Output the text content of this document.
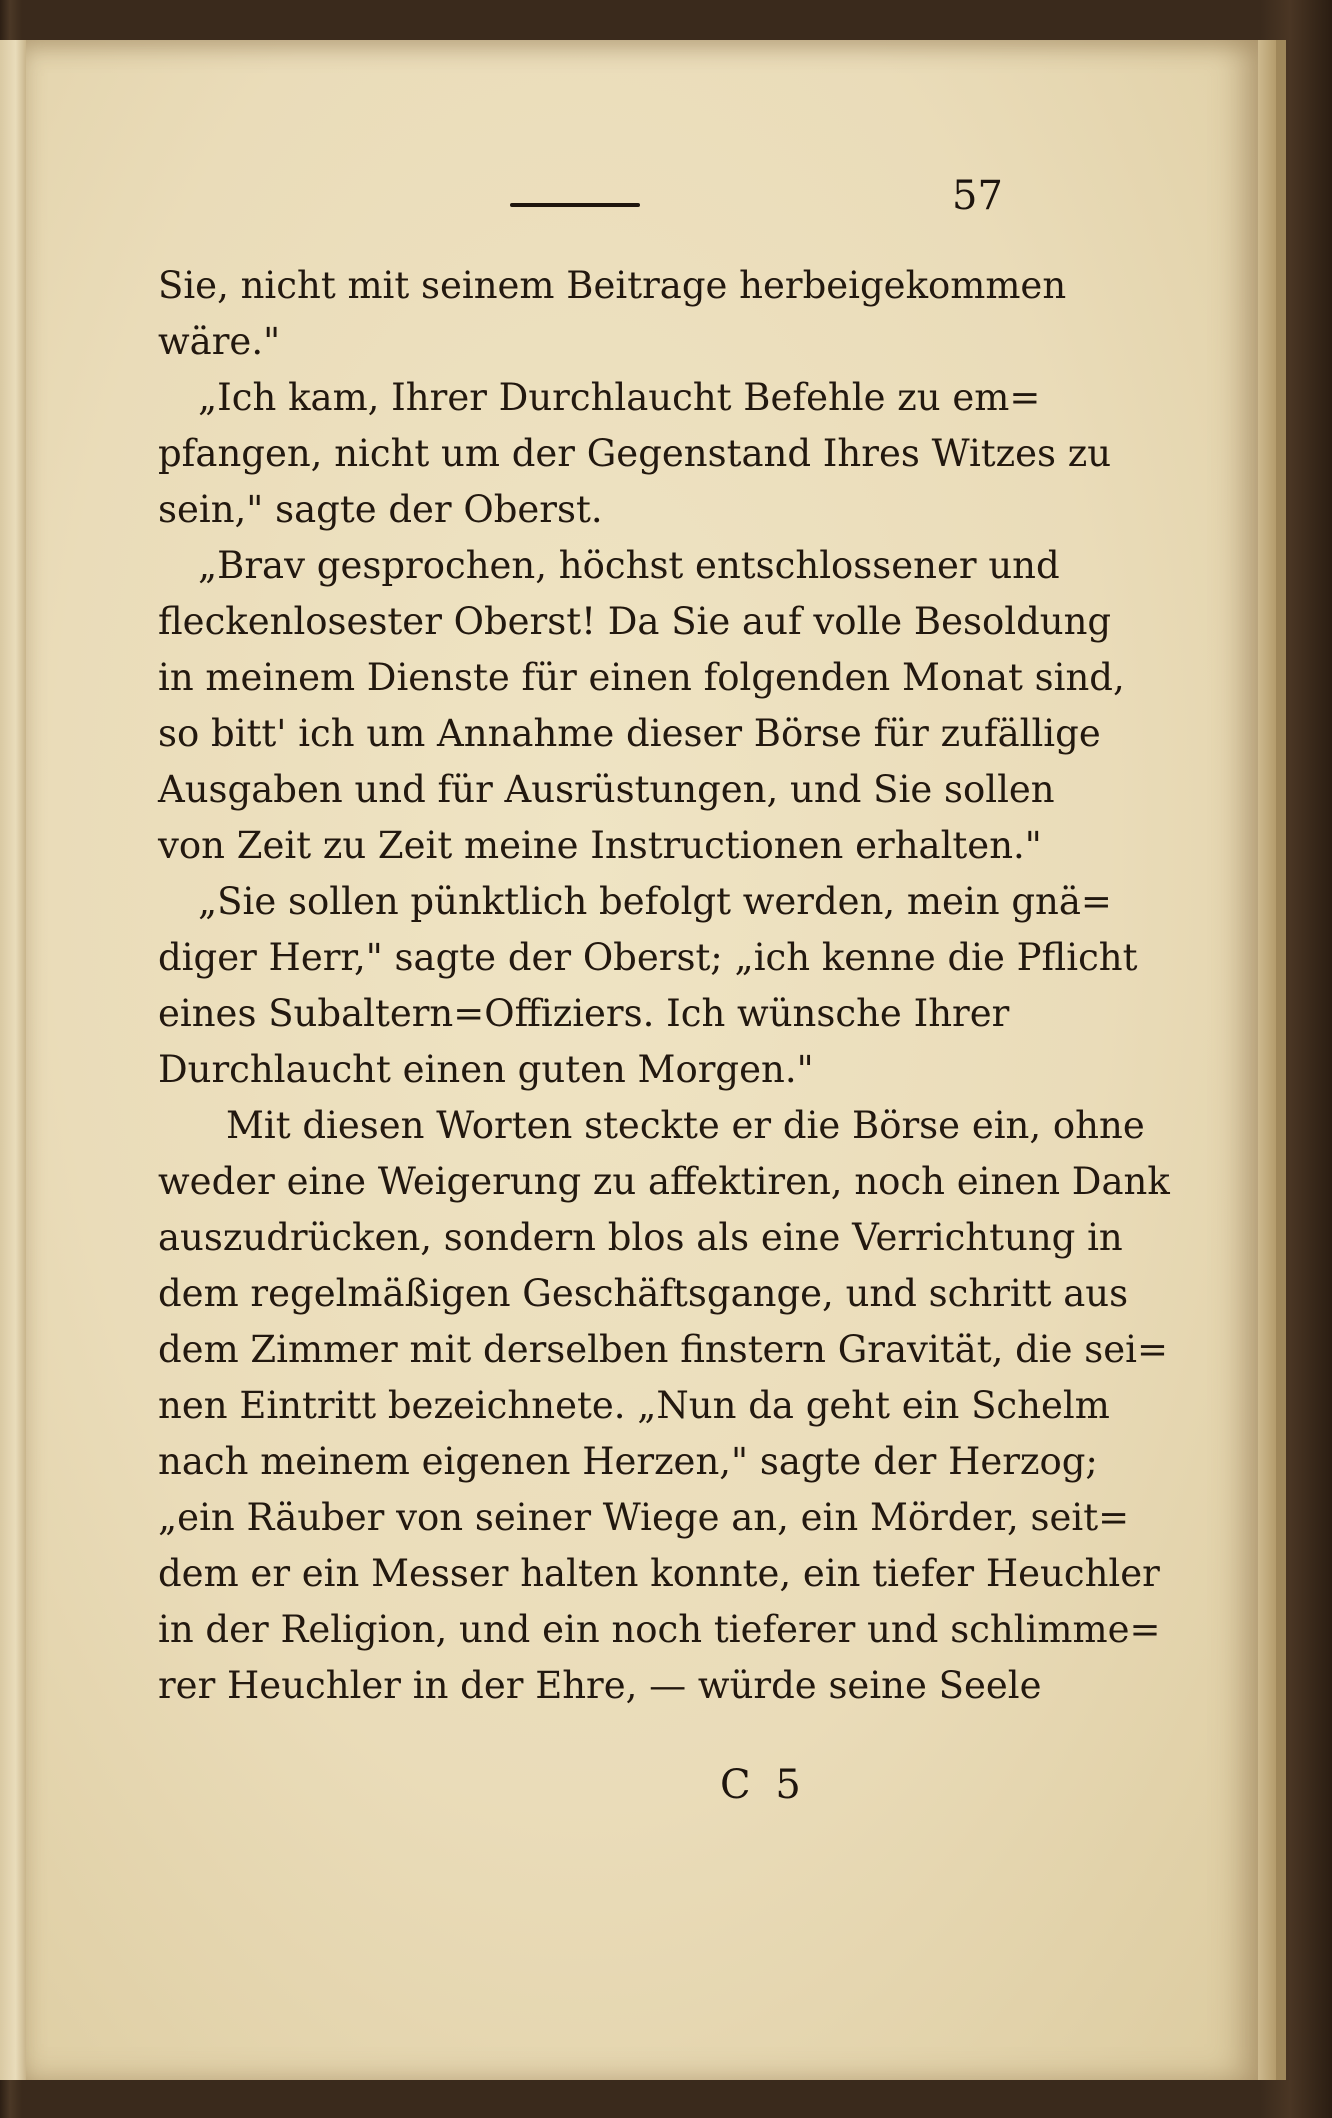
57

Sie, nicht mit seinem Beitrage herbeigekommen

wäre."

„Ich kam, Ihrer Durchlaucht Befehle zu em=

pfangen, nicht um der Gegenstand Ihres Witzes zu

sein," sagte der Oberst.

„Brav gesprochen, höchst entschlossener und

fleckenlosester Oberst! Da Sie auf volle Besoldung

in meinem Dienste für einen folgenden Monat sind,

so bitt' ich um Annahme dieser Börse für zufällige

Ausgaben und für Ausrüstungen, und Sie sollen

von Zeit zu Zeit meine Instructionen erhalten."

„Sie sollen pünktlich befolgt werden, mein gnä=

diger Herr," sagte der Oberst; „ich kenne die Pflicht

eines Subaltern=Offiziers. Ich wünsche Ihrer

Durchlaucht einen guten Morgen."

Mit diesen Worten steckte er die Börse ein, ohne

weder eine Weigerung zu affektiren, noch einen Dank

auszudrücken, sondern blos als eine Verrichtung in

dem regelmäßigen Geschäftsgange, und schritt aus

dem Zimmer mit derselben finstern Gravität, die sei=

nen Eintritt bezeichnete. „Nun da geht ein Schelm

nach meinem eigenen Herzen," sagte der Herzog;

„ein Räuber von seiner Wiege an, ein Mörder, seit=

dem er ein Messer halten konnte, ein tiefer Heuchler

in der Religion, und ein noch tieferer und schlimme=

rer Heuchler in der Ehre, — würde seine Seele

C 5
